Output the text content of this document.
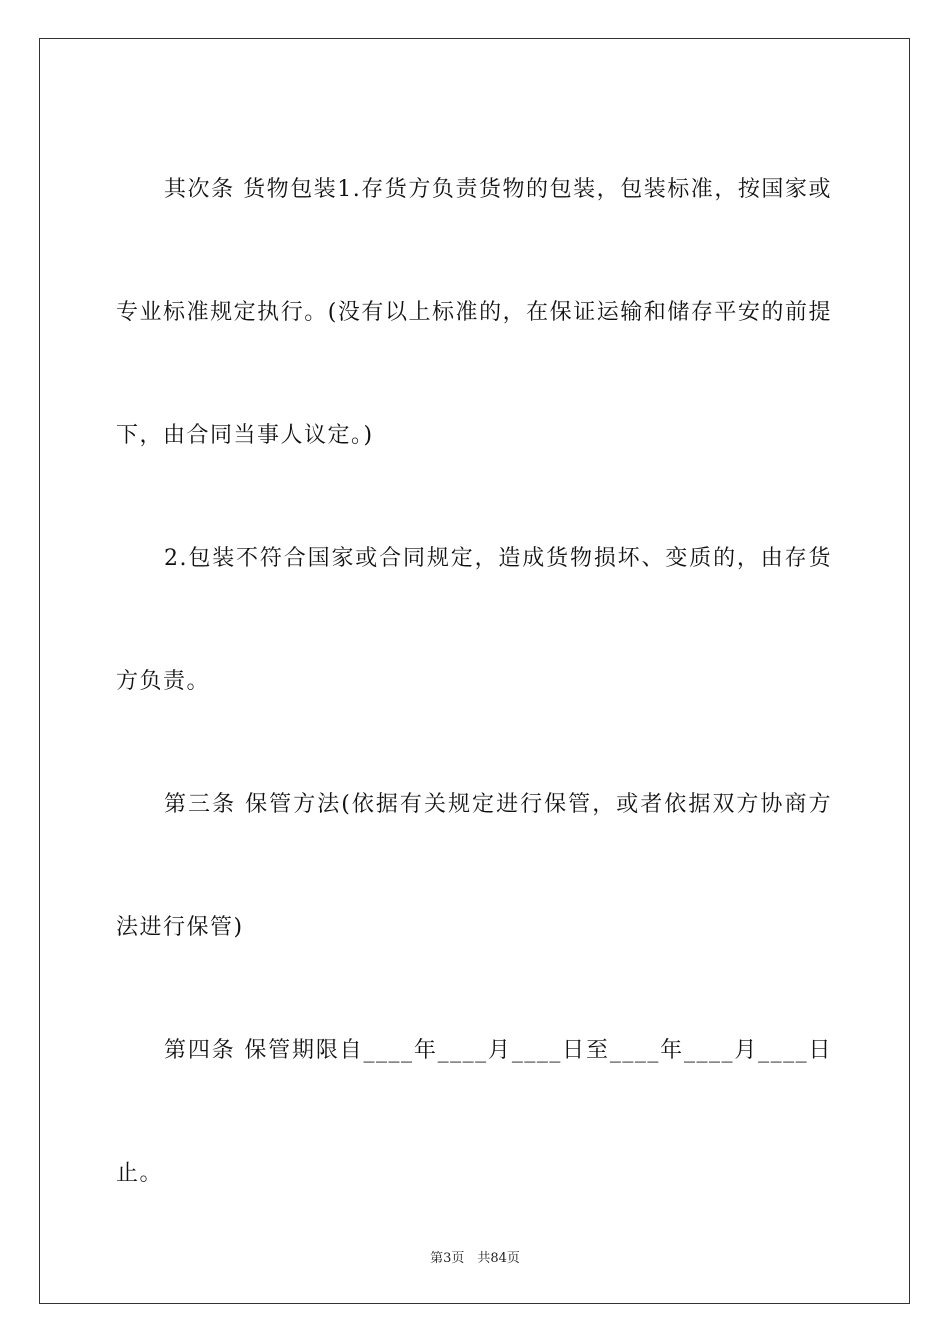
其次条 货物包装1.存货方负责货物的包装，包装标准，按国家或专业标准规定执行。(没有以上标准的，在保证运输和储存平安的前提下，由合同当事人议定。)

2.包装不符合国家或合同规定，造成货物损坏、变质的，由存货方负责。

第三条 保管方法(依据有关规定进行保管，或者依据双方协商方法进行保管)

第四条 保管期限自____年____月____日至____年____月____日止。

第3页　共84页
